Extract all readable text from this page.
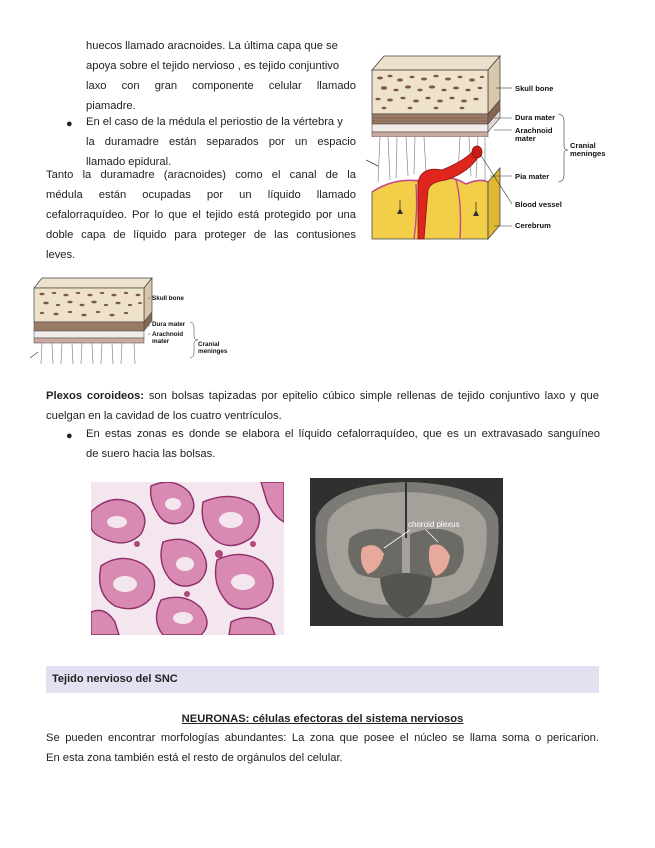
huecos llamado aracnoides. La última capa que se
apoya sobre el tejido nervioso , es tejido conjuntivo
laxo con gran componente celular llamado
piamadre.
● En el caso de la médula el periostio de la vértebra y
la duramadre están separados por un espacio
llamado epidural.
Tanto la duramadre (aracnoides) como el canal de la
médula están ocupadas por un líquido llamado
cefalorraquídeo. Por lo que el tejido está protegido por una
doble capa de líquido para proteger de las contusiones
leves.
Skull bone
Dura mater
Arachnoid mater
Cranial meninges
Pia mater
Blood vessel
Cerebrum
Skull bone
Dura mater
Arachnoid mater	Cranial meninges
Plexos coroideos: son bolsas tapizadas por epitelio cúbico simple rellenas de tejido conjuntivo laxo y que
cuelgan en la cavidad de los cuatro ventrículos.
● En estas zonas es donde se elabora el líquido cefalorraquídeo, que es un extravasado sanguíneo
de suero hacia las bolsas.
choroid plexus
Tejido nervioso del SNC
NEURONAS: células efectoras del sistema nerviosos
Se pueden encontrar morfologías abundantes: La zona que posee el núcleo se llama soma o pericarion.
En esta zona también está el resto de orgánulos del celular.
